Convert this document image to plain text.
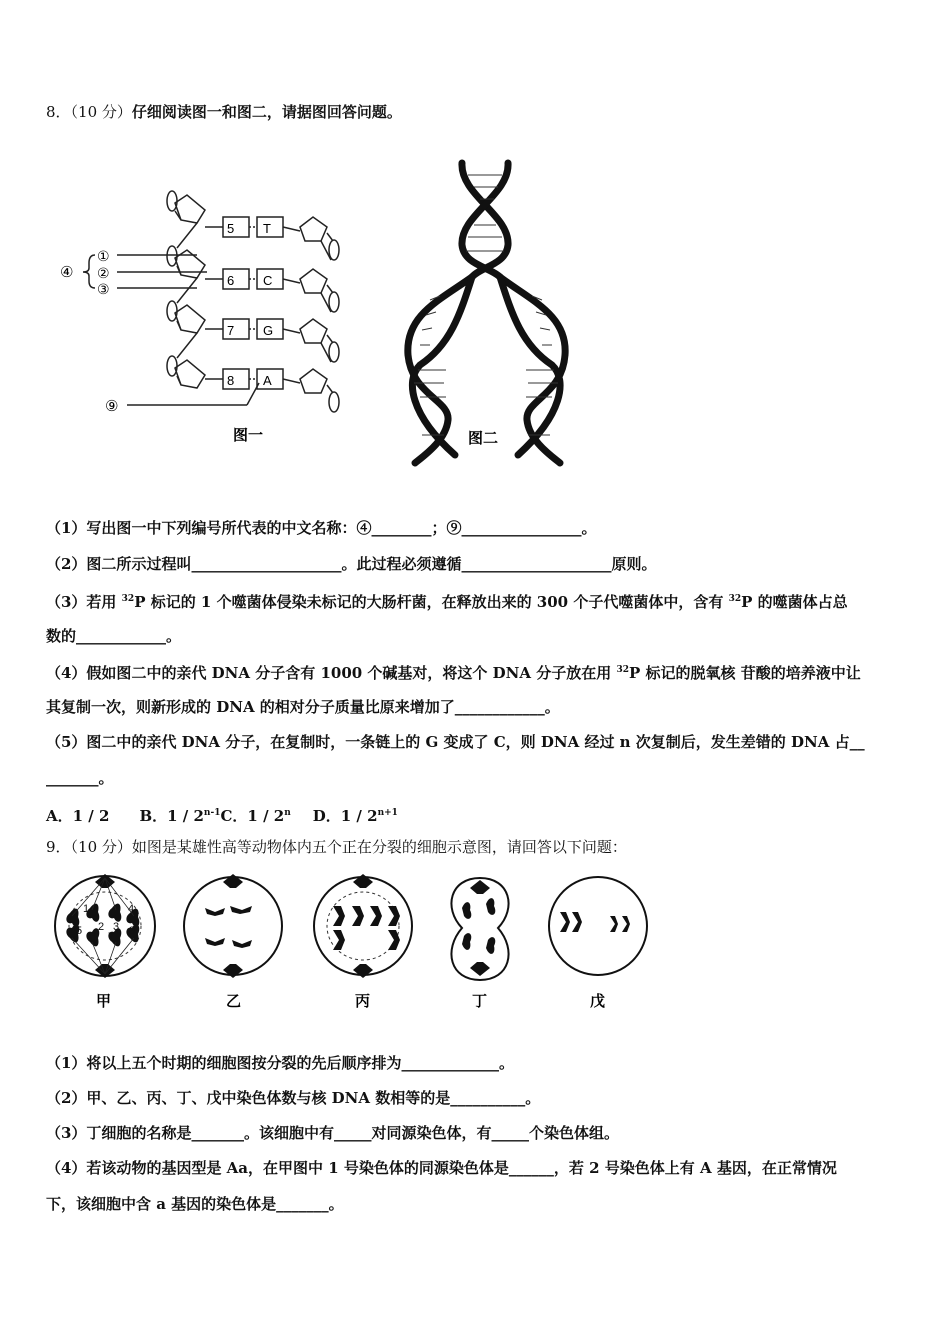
8．（10 分）仔细阅读图一和图二，请据图回答问题。
5
6
7
8
T
C
G
A
④
①
②
③
⑨
图一	图二
（1）写出图一中下列编号所代表的中文名称：④________；⑨________________。
（2）图二所示过程叫____________________。此过程必须遵循____________________原则。
（3）若用 $^{32}$P 标记的 1 个噬菌体侵染未标记的大肠杆菌，在释放出来的 300 个子代噬菌体中，含有 $^{32}$P 的噬菌体占总
数的____________。
（4）假如图二中的亲代 DNA 分子含有 1000 个碱基对，将这个 DNA 分子放在用 $^{32}$P 标记的脱氧核 苷酸的培养液中让
其复制一次，则新形成的 DNA 的相对分子质量比原来增加了____________。
（5）图二中的亲代 DNA 分子，在复制时，一条链上的 G 变成了 C，则 DNA 经过 n 次复制后，发生差错的 DNA 占__
_______。
A．1 / 2 B．1 / 2$^{n-1}$C．1 / 2$^n$ D．$1 / 2^{n+1}$
9．（10 分）如图是某雄性高等动物体内五个正在分裂的细胞示意图，请回答以下问题：
1
2 3
4
5 6 7 8
甲	乙	丙	丁	戊
（1）将以上五个时期的细胞图按分裂的先后顺序排为_____________。
（2）甲、乙、丙、丁、戊中染色体数与核 DNA 数相等的是__________。
（3）丁细胞的名称是_______。该细胞中有_____对同源染色体，有_____个染色体组。
（4）若该动物的基因型是 Aa，在甲图中 1 号染色体的同源染色体是______，若 2 号染色体上有 A 基因，在正常情况
下，该细胞中含 a 基因的染色体是_______。
